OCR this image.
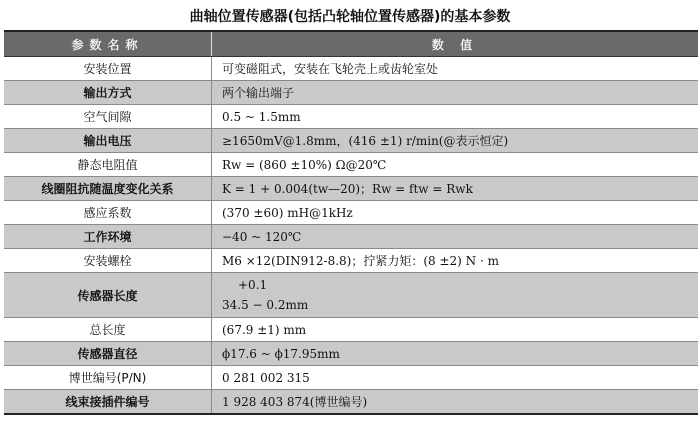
曲轴位置传感器(包括凸轮轴位置传感器)的基本参数
参数名称	数 值
安装位置	可变磁阻式，安装在飞轮壳上或齿轮室处
输出方式	两个输出端子
空气间隙	0.5 ~ 1.5mm
输出电压	≥1650mV@1.8mm，(416 ±1) r/min(@表示恒定)
静态电阻值	Rw = (860 ±10%) Ω@20℃
线圈阻抗随温度变化关系	K = 1 + 0.004(tw—20)；Rw = ftw = Rwk
感应系数	(370 ±60) mH@1kHz
工作环境	−40 ~ 120℃
安装螺栓	M6 ×12(DIN912-8.8)；拧紧力矩：(8 ±2) N · m
传感器长度	+0.1
34.5 − 0.2mm

总长度	(67.9 ±1) mm
传感器直径	ϕ17.6 ~ ϕ17.95mm
博世编号(P/N)	0 281 002 315
线束接插件编号	1 928 403 874(博世编号)
